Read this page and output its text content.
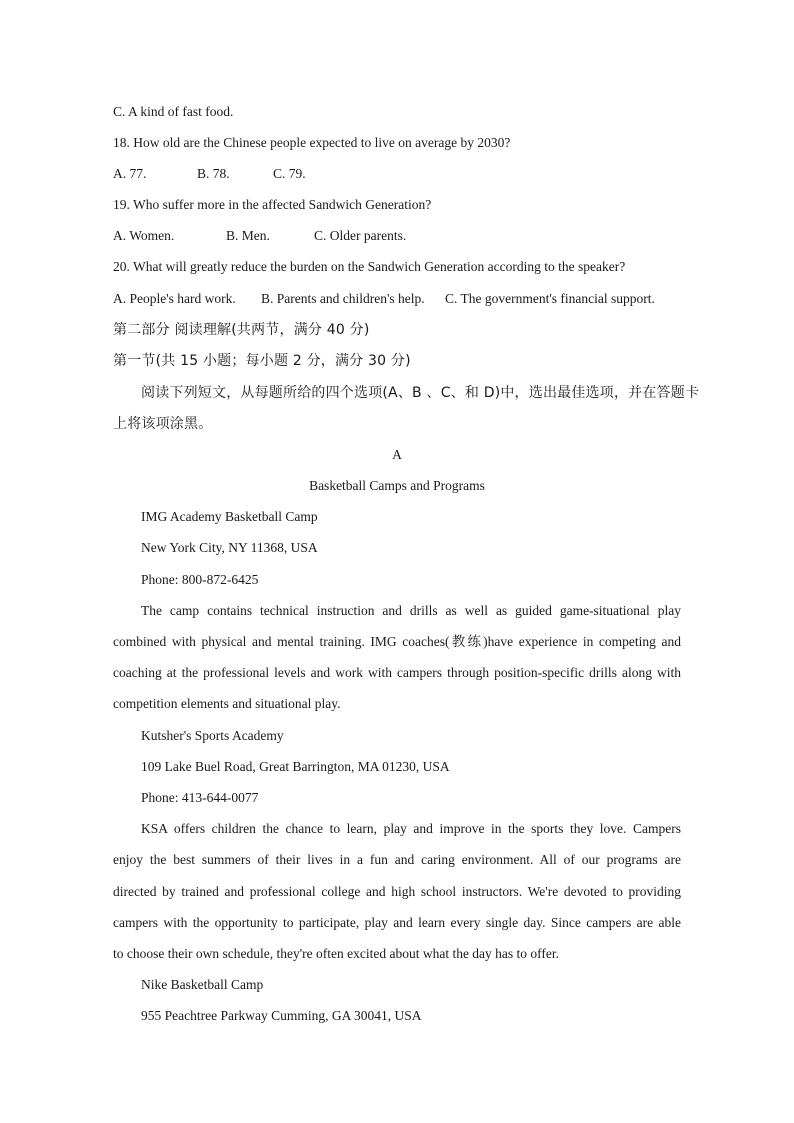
C. A kind of fast food.
18. How old are the Chinese people expected to live on average by 2030?
A. 77.	B. 78.	C. 79.
19. Who suffer more in the affected Sandwich Generation?
A. Women.	B. Men.	C. Older parents.
20. What will greatly reduce the burden on the Sandwich Generation according to the speaker?
A. People's hard work. B. Parents and children's help. C. The government's financial support.
第二部分 阅读理解(共两节，满分 40 分)
第一节(共 15 小题；每小题 2 分，满分 30 分)
阅读下列短文，从每题所给的四个选项(A、B 、C、和 D)中，选出最佳选项，并在答题卡
上将该项涂黑。
A
Basketball Camps and Programs
IMG Academy Basketball Camp
New York City, NY 11368, USA
Phone: 800-872-6425
The camp contains technical instruction and drills as well as guided game-situational play
combined with physical and mental training. IMG coaches(教练)have experience in competing and
coaching at the professional levels and work with campers through position-specific drills along with
competition elements and situational play.
Kutsher's Sports Academy
109 Lake Buel Road, Great Barrington, MA 01230, USA
Phone: 413-644-0077
KSA offers children the chance to learn, play and improve in the sports they love. Campers
enjoy the best summers of their lives in a fun and caring environment. All of our programs are
directed by trained and professional college and high school instructors. We're devoted to providing
campers with the opportunity to participate, play and learn every single day. Since campers are able
to choose their own schedule, they're often excited about what the day has to offer.
Nike Basketball Camp
955 Peachtree Parkway Cumming, GA 30041, USA
